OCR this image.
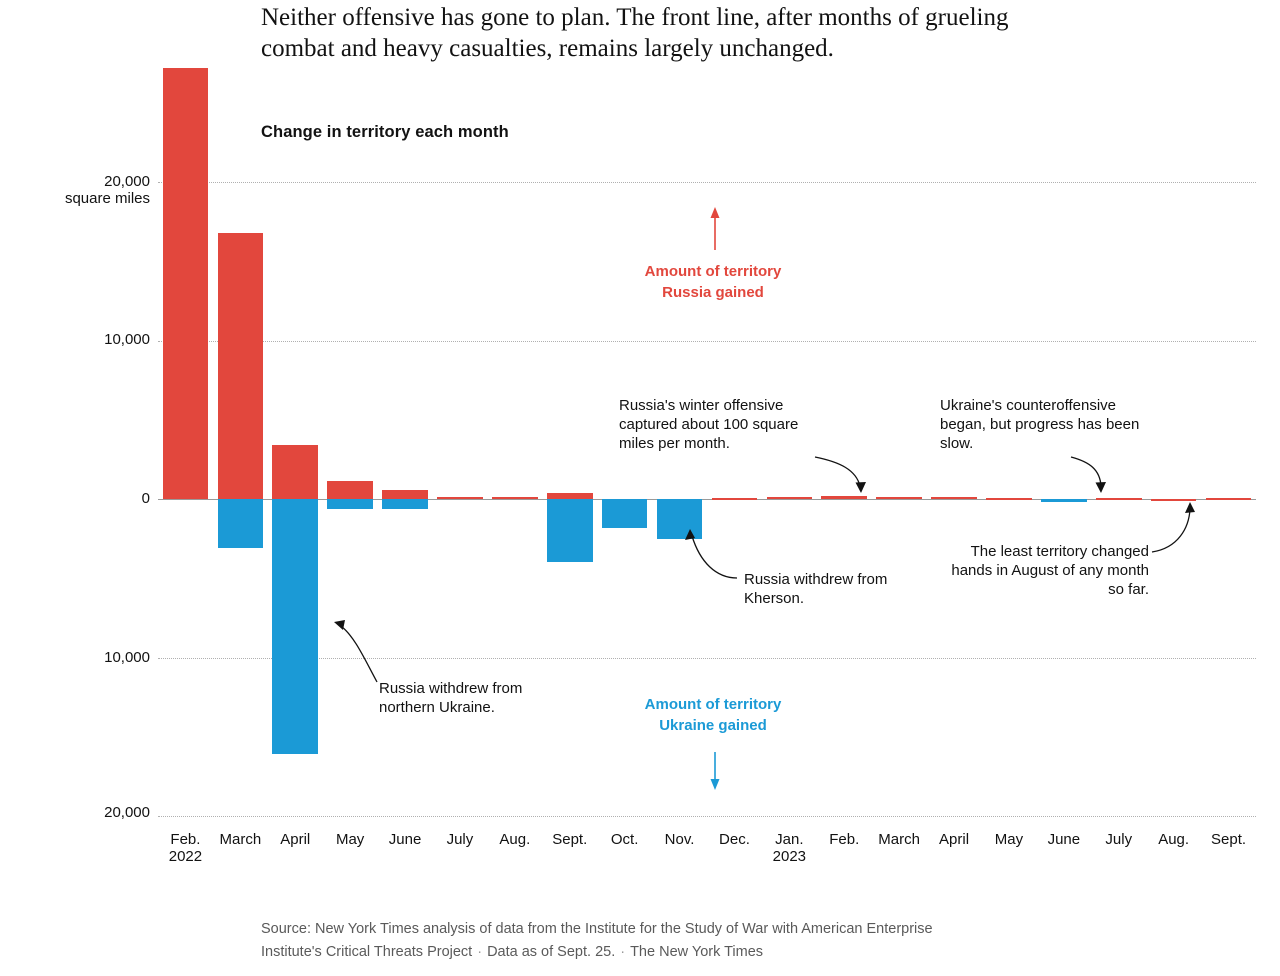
Neither offensive has gone to plan. The front line, after months of grueling combat and heavy casualties, remains largely unchanged.
Change in territory each month
20,000
square miles
10,000
0
10,000
20,000
Amount of territory
Russia gained
Amount of territory
Ukraine gained
Russia's winter offensive captured about 100 square miles per month.
Ukraine's counteroffensive began, but progress has been slow.
Russia withdrew from northern Ukraine.
Russia withdrew from Kherson.
The least territory changed hands in August of any month so far.
Source: New York Times analysis of data from the Institute for the Study of War with American Enterprise
Institute's Critical Threats Project · Data as of Sept. 25. · The New York Times
Feb.
2022
March	April	May	June	July	Aug.	Sept.	Oct.	Nov.	Dec.	Jan.
2023
Feb.	March	April	May	June	July	Aug.	Sept.
